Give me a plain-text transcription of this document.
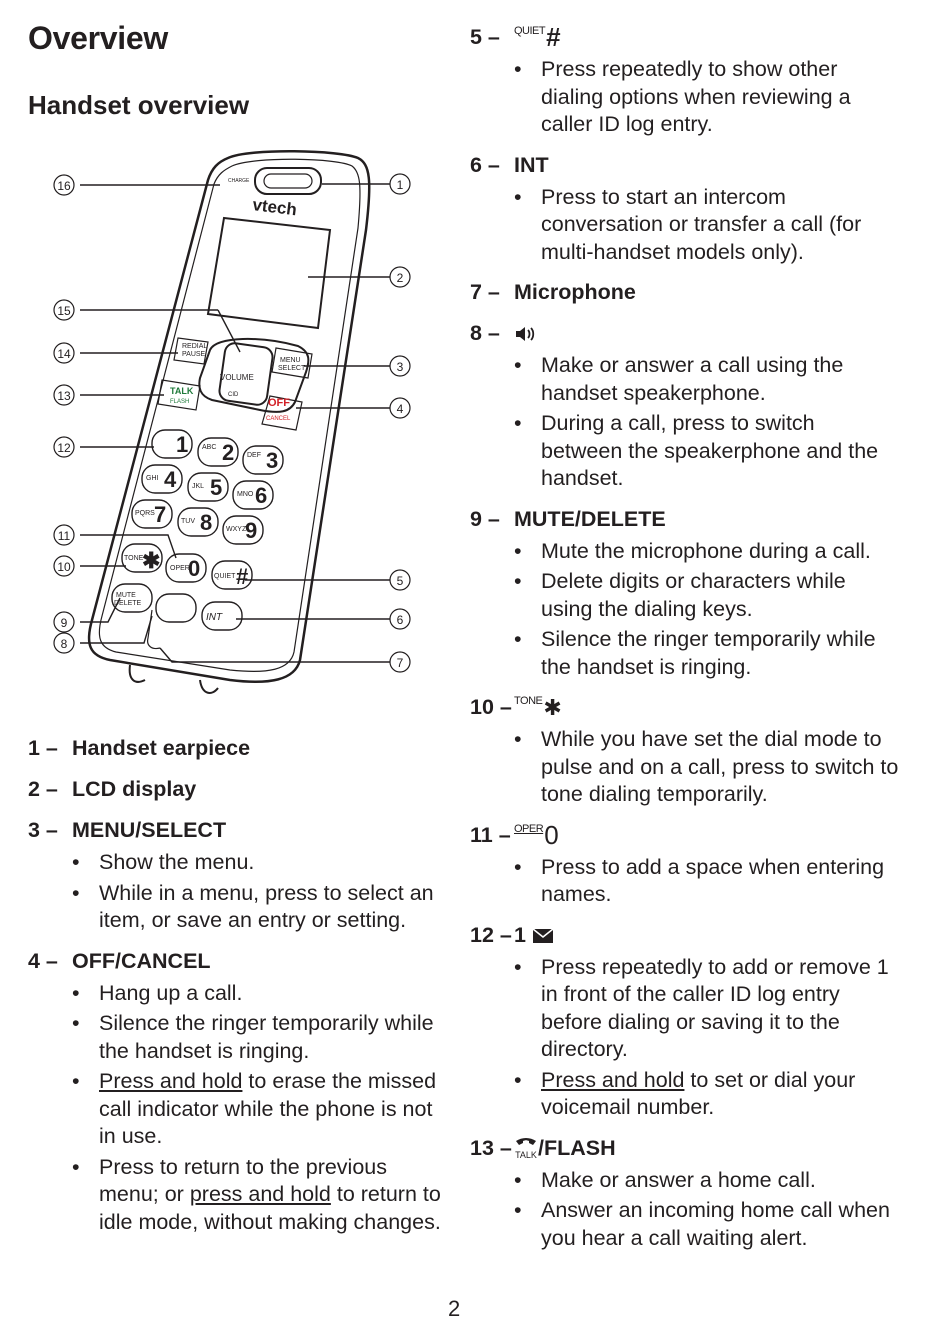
Overview
Handset overview
vtech
CHARGE
REDIAL
PAUSE
MENU
SELECT
VOLUME
CID
TALK
FLASH	OFF
CANCEL
TONE
OPER
QUIET
MUTE
DELETE
INT
ABC
DEF
GHI
JKL
MNO
PQRS
TUV
WXYZ
1 2 3
4 5 6
7 8 9
✱ 0 #
16	1
2
15
14
3
13
4
12
11
10
5
6
9
8
7
1 – Handset earpiece
2 – LCD display
3 – MENU/SELECT
• Show the menu.
• While in a menu, press to select an item, or save an entry or setting.
4 – OFF/CANCEL
• Hang up a call.
• Silence the ringer temporarily while the handset is ringing.
• Press and hold to erase the missed call indicator while the phone is not in use.
• Press to return to the previous menu; or press and hold to return to idle mode, without making changes.
5 –	QUIET #
• Press repeatedly to show other dialing options when reviewing a caller ID log entry.
6 – INT
• Press to start an intercom conversation or transfer a call (for multi-handset models only).
7 – Microphone
8 –
• Make or answer a call using the handset speakerphone.
• During a call, press to switch between the speakerphone and the handset.
9 – MUTE/DELETE
• Mute the microphone during a call.
• Delete digits or characters while using the dialing keys.
• Silence the ringer temporarily while the handset is ringing.
10 – TONE ✱
• While you have set the dial mode to pulse and on a call, press to switch to tone dialing temporarily.
11 – OPER 0
• Press to add a space when entering names.
12 – 1
• Press repeatedly to add or remove 1 in front of the caller ID log entry before dialing or saving it to the directory.
• Press and hold to set or dial your voicemail number.
13 – TALK /FLASH
• Make or answer a home call.
• Answer an incoming home call when you hear a call waiting alert.
2
